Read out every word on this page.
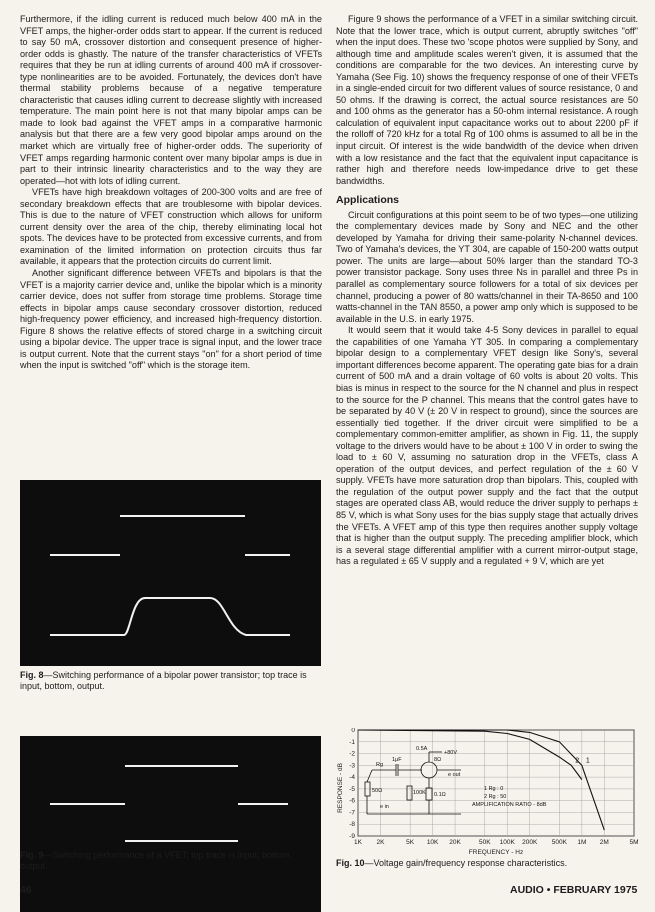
Furthermore, if the idling current is reduced much below 400 mA in the VFET amps, the higher-order odds start to appear. If the current is reduced to say 50 mA, crossover distortion and consequent presence of higher-order odds is ghastly. The nature of the transfer characteristics of VFETs requires that they be run at idling currents of around 400 mA if crossover-type nonlinearities are to be avoided. Fortunately, the devices don't have thermal stability problems because of a negative temperature characteristic that causes idling current to decrease slightly with increased temperature. The main point here is not that many bipolar amps can be made to look bad against the VFET amps in a comparative harmonic analysis but that there are a few very good bipolar amps around on the market which are virtually free of higher-order odds. The superiority of VFET amps regarding harmonic content over many bipolar amps is due in part to their intrinsic linearity characteristics and to the way they are operated—hot with lots of idling current.

VFETs have high breakdown voltages of 200-300 volts and are free of secondary breakdown effects that are troublesome with bipolar devices. This is due to the nature of VFET construction which allows for uniform current density over the area of the chip, thereby eliminating local hot spots. The devices have to be protected from excessive currents, and from examination of the limited information on protection circuits thus far available, it appears that the protection circuits do current limit.

Another significant difference between VFETs and bipolars is that the VFET is a majority carrier device and, unlike the bipolar which is a minority carrier device, does not suffer from storage time problems. Storage time effects in bipolar amps cause secondary crossover distortion, reduced high-frequency power efficiency, and increased high-frequency distortion. Figure 8 shows the relative effects of stored charge in a switching circuit using a bipolar device. The upper trace is signal input, and the lower trace is output current. Note that the current stays "on" for a short period of time when the input is switched "off" which is the storage item.

Figure 9 shows the performance of a VFET in a similar switching circuit. Note that the lower trace, which is output current, abruptly switches "off" when the input does. These two 'scope photos were supplied by Sony, and although time and amplitude scales weren't given, it is assumed that the conditions are comparable for the two devices. An interesting curve by Yamaha (See Fig. 10) shows the frequency response of one of their VFETs in a single-ended circuit for two different values of source resistance, 0 and 50 ohms. If the drawing is correct, the actual source resistances are 50 and 100 ohms as the generator has a 50-ohm internal resistance. A rough calculation of equivalent input capacitance works out to about 2200 pF if the rolloff of 720 kHz for a total Rg of 100 ohms is assumed to all be in the input circuit. Of interest is the wide bandwidth of the device when driven with a low resistance and the fact that the equivalent input capacitance is rather high and therefore needs low-impedance drive to get these bandwidths.

Applications

Circuit configurations at this point seem to be of two types—one utilizing the complementary devices made by Sony and NEC and the other developed by Yamaha for driving their same-polarity N-channel devices. Two of Yamaha's devices, the YT 304, are capable of 150-200 watts output power. The units are large—about 50% larger than the standard TO-3 power transistor package. Sony uses three Ns in parallel and three Ps in parallel as complementary source followers for a total of six devices per channel, producing a power of 80 watts/channel in their TA-8650 and 100 watts-channel in the TAN 8550, a power amp only which is supposed to be available in the U.S. in early 1975.

It would seem that it would take 4-5 Sony devices in parallel to equal the capabilities of one Yamaha YT 305. In comparing a complementary bipolar design to a complementary VFET design like Sony's, several important differences become apparent. The operating gate bias for a drain current of 500 mA and a drain voltage of 60 volts is about 20 volts. This bias is minus in respect to the source for the N channel and plus in respect to the source for the P channel. This means that the control gates have to be separated by 40 V (± 20 V in respect to ground), since the sources are essentially tied together. If the driver circuit were simplified to be a complementary common-emitter amplifier, as shown in Fig. 11, the supply voltage to the drivers would have to be about ± 100 V in order to swing the load to ± 60 V, assuming no saturation drop in the VFETs, class A operation of the output devices, and perfect regulation of the ± 60 V supply. VFETs have more saturation drop than bipolars. This, coupled with the regulation of the output power supply and the fact that the output stages are operated class AB, would reduce the driver supply to perhaps ± 85 V, which is what Sony uses for the bias supply stage that actually drives the VFETs. A VFET amp of this type then requires another supply voltage that is higher than the output supply. The preceding amplifier block, which is a several stage differential amplifier with a current mirror-output stage, has a regulated ± 65 V supply and a regulated + 9 V, which are yet

Fig. 8—Switching performance of a bipolar power transistor; top trace is input, bottom, output.
Fig. 9—Switching performance of a VFET; top trace is input, bottom, output.
0
-1
-2
-3
-4
-5
-6
-7
-8
-9
1K 2K	5K 10K 20K	50K 100K 200K 500K 1M 2M	5M
1
2
RESPONSE - dB
FREQUENCY - Hz
+80V
0.5A
8Ω
Rg
1μF
50Ω	100K 0.1Ω
e in
e out
1 Rg : 0
2 Rg : 50
AMPLIFICATION RATIO - 8dB
Fig. 10—Voltage gain/frequency response characteristics.
46	AUDIO • FEBRUARY 1975
